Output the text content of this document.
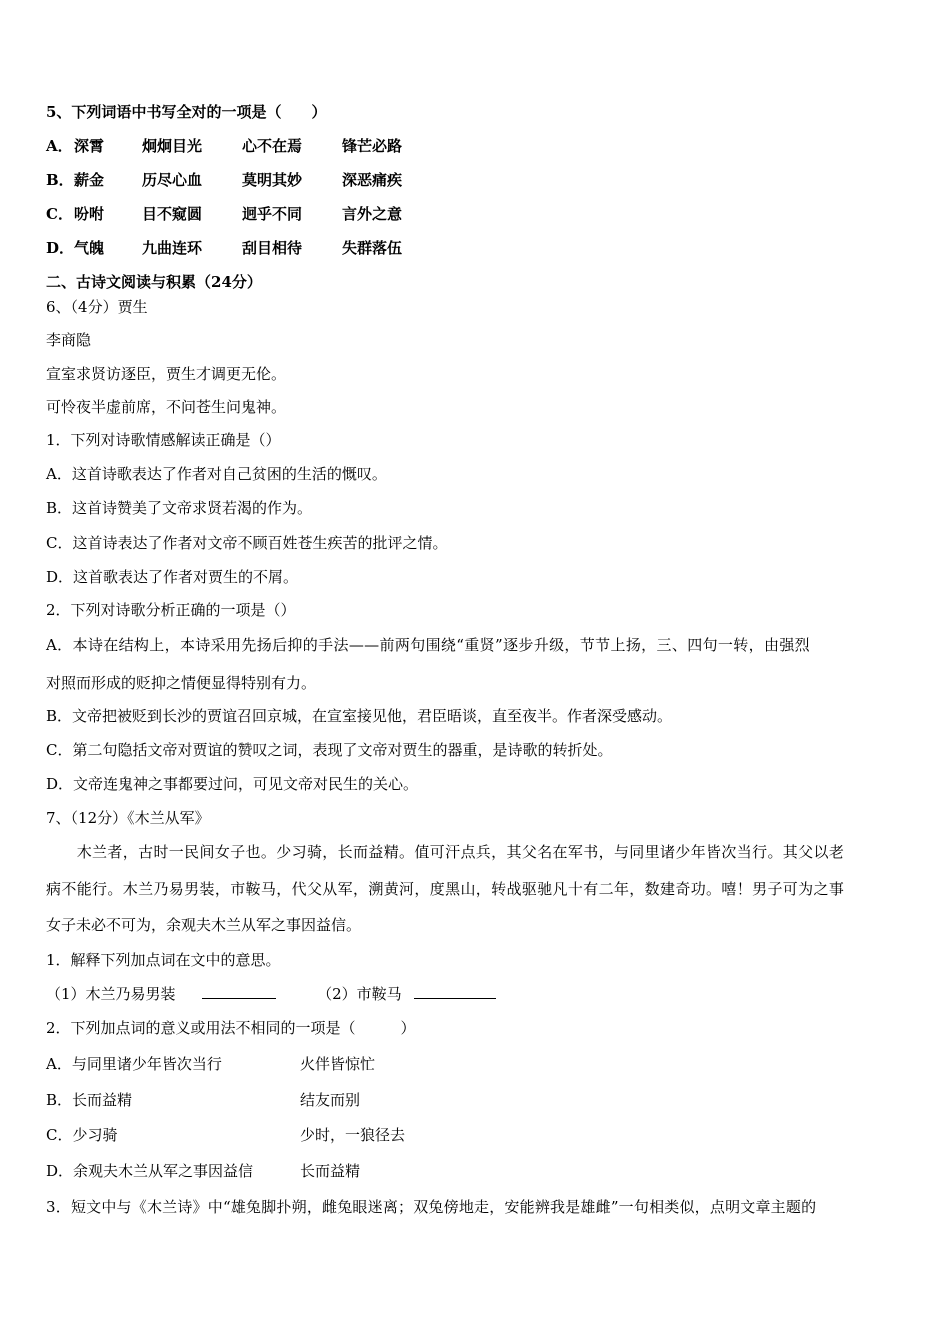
5、下列词语中书写全对的一项是（　　）
A． 深霄	炯炯目光	心不在焉	锋芒必路
B． 薪金	历尽心血	莫明其妙	深恶痛疾
C． 吩咐	目不窥圆	迥乎不同	言外之意
D． 气魄	九曲连环	刮目相待	失群落伍
二、古诗文阅读与积累（24分）
6、（4分）贾生
李商隐
宣室求贤访逐臣，贾生才调更无伦。
可怜夜半虚前席，不问苍生问鬼神。
1．下列对诗歌情感解读正确是（）
A．这首诗歌表达了作者对自己贫困的生活的慨叹。
B．这首诗赞美了文帝求贤若渴的作为。
C．这首诗表达了作者对文帝不顾百姓苍生疾苦的批评之情。
D．这首歌表达了作者对贾生的不屑。
2．下列对诗歌分析正确的一项是（）
A．本诗在结构上，本诗采用先扬后抑的手法——前两句围绕“重贤”逐步升级，节节上扬，三、四句一转，由强烈
对照而形成的贬抑之情便显得特别有力。
B．文帝把被贬到长沙的贾谊召回京城，在宣室接见他，君臣晤谈，直至夜半。作者深受感动。
C．第二句隐括文帝对贾谊的赞叹之词，表现了文帝对贾生的器重，是诗歌的转折处。
D．文帝连鬼神之事都要过问，可见文帝对民生的关心。
7、（12分）《木兰从军》
　　木兰者，古时一民间女子也。少习骑，长而益精。值可汗点兵，其父名在军书，与同里诸少年皆次当行。其父以老
病不能行。木兰乃易男装，市鞍马，代父从军，溯黄河，度黑山，转战驱驰凡十有二年，数建奇功。嘻！男子可为之事
女子未必不可为，余观夫木兰从军之事因益信。
1．解释下列加点词在文中的意思。
（1）木兰乃易男装	（2）市鞍马
2．下列加点词的意义或用法不相同的一项是（　　　）
A．与同里诸少年皆次当行	火伴皆惊忙
B．长而益精	结友而别
C．少习骑	少时，一狼径去
D．余观夫木兰从军之事因益信	长而益精
3．短文中与《木兰诗》中“雄兔脚扑朔，雌兔眼迷离；双兔傍地走，安能辨我是雄雌”一句相类似，点明文章主题的
